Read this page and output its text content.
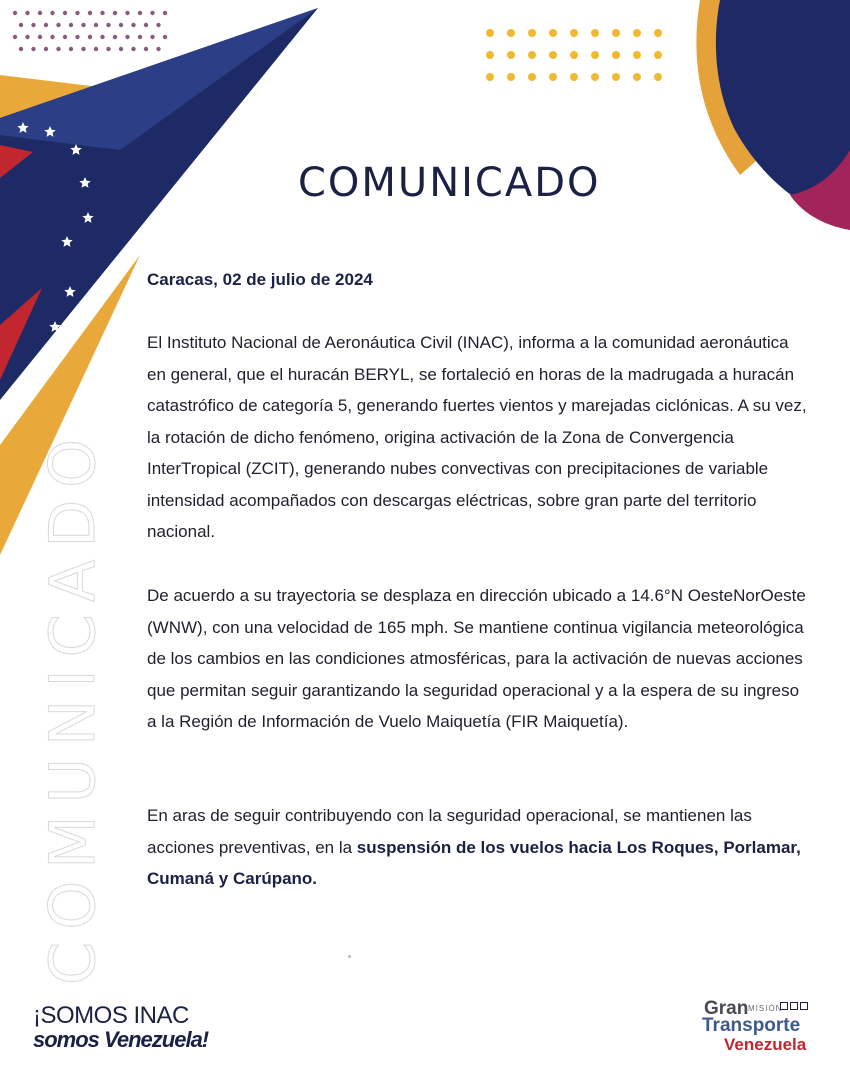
COMUNICADO
COMUNICADO
Caracas, 02 de julio de 2024

El Instituto Nacional de Aeronáutica Civil (INAC), informa a la comunidad aeronáutica en general, que el huracán BERYL, se fortaleció en horas de la madrugada a huracán catastrófico de categoría 5, generando fuertes vientos y marejadas ciclónicas. A su vez, la rotación de dicho fenómeno, origina activación de la Zona de Convergencia InterTropical (ZCIT), generando nubes convectivas con precipitaciones de variable intensidad acompañados con descargas eléctricas, sobre gran parte del territorio nacional.

De acuerdo a su trayectoria se desplaza en dirección ubicado a 14.6°N OesteNorOeste (WNW), con una velocidad de 165 mph. Se mantiene continua vigilancia meteorológica de los cambios en las condiciones atmosféricas, para la activación de nuevas acciones que permitan seguir garantizando la seguridad operacional y a la espera de su ingreso a la Región de Información de Vuelo Maiquetía (FIR Maiquetía).

En aras de seguir contribuyendo con la seguridad operacional, se mantienen las acciones preventivas, en la suspensión de los vuelos hacia Los Roques, Porlamar, Cumaná y Carúpano.

¡SOMOS INAC
somos Venezuela!
Gran MISIÓN
Transporte
Venezuela
